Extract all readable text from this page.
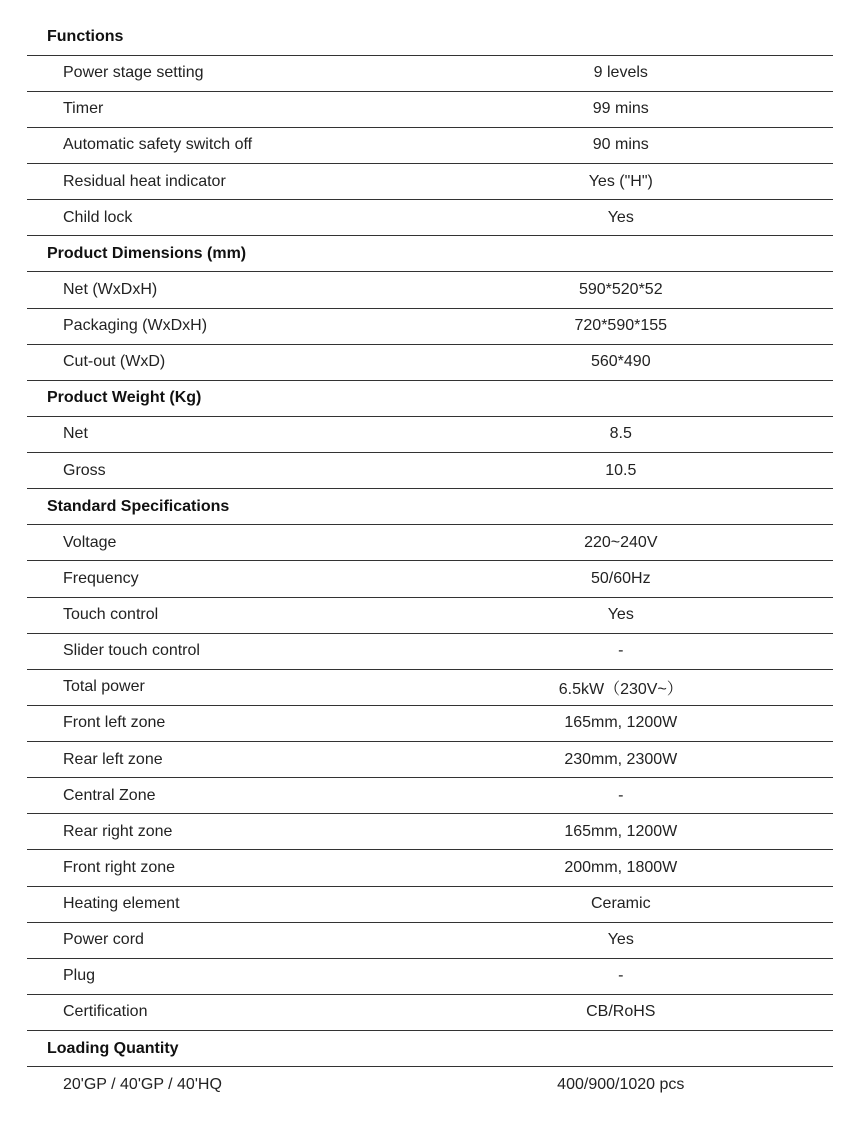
Functions		
Power stage setting	9 levels	
Timer	99 mins	
Automatic safety switch off	90 mins	
Residual heat indicator	Yes ("H")	
Child lock	Yes	
Product Dimensions (mm)		
Net (WxDxH)	590*520*52	
Packaging (WxDxH)	720*590*155	
Cut-out (WxD)	560*490	
Product Weight (Kg)		
Net	8.5	
Gross	10.5	
Standard Specifications		
Voltage	220~240V	
Frequency	50/60Hz	
Touch control	Yes	
Slider touch control	-	
Total power	6.5kW（230V~）	
Front left zone	165mm, 1200W	
Rear left zone	230mm, 2300W	
Central Zone	-	
Rear right zone	165mm, 1200W	
Front right zone	200mm, 1800W	
Heating element	Ceramic	
Power cord	Yes	
Plug	-	
Certification	CB/RoHS	
Loading Quantity		
20'GP / 40'GP / 40'HQ	400/900/1020 pcs	
